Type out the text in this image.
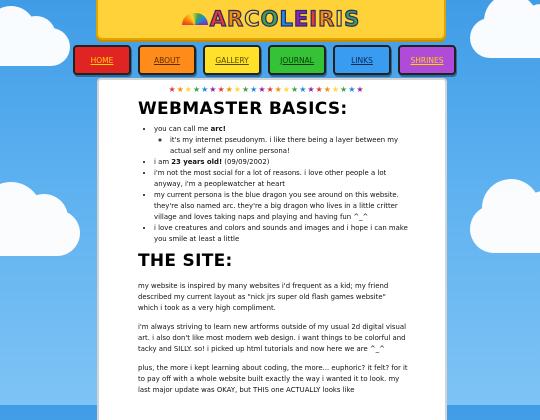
ARCOLEIRIS
HOME	ABOUT	GALLERY	JOURNAL	LINKS	SHRINES
WEBMASTER BASICS:
• you can call me arc!
◦ it's my internet pseudonym. i like there being a layer between my actual self and my online persona!
• i am 23 years old! (09/09/2002)
• i'm not the most social for a lot of reasons. i love other people a lot anyway, i'm a peoplewatcher at heart
• my current persona is the blue dragon you see around on this website. they're also named arc. they're a big dragon who lives in a little critter village and loves taking naps and playing and having fun ^_^
• i love creatures and colors and sounds and images and i hope i can make you smile at least a little
THE SITE:

my website is inspired by many websites i'd frequent as a kid; my friend described my current layout as "nick jrs super old flash games website" which i took as a very high compliment.

i'm always striving to learn new artforms outside of my usual 2d digital visual art. i also don't like most modern web design. i want things to be colorful and tacky and SILLY. so! i picked up html tutorials and now here we are ^_^

plus, the more i kept learning about coding, the more... euphoric? it felt? for it to pay off with a whole website built exactly the way i wanted it to look. my last major update was OKAY, but THIS one ACTUALLY looks like

★ ★ ★ ★ ★ ★ ★ ★ ★ ★ ★ ★ ★ ★ ★ ★ ★ ★ ★ ★ ★ ★ ★ ★
